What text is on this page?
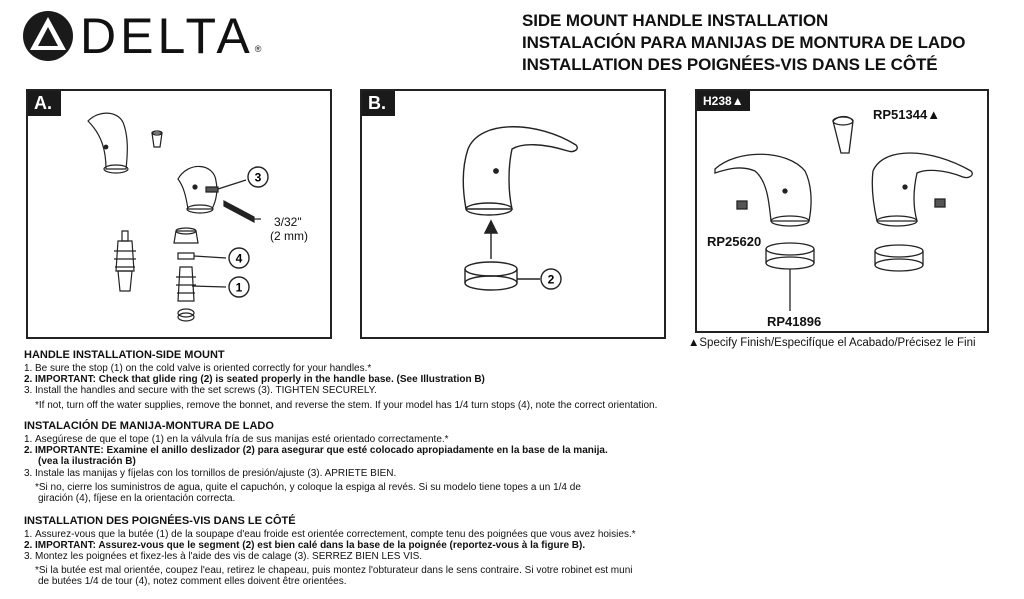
DELTA ®
SIDE MOUNT HANDLE INSTALLATION
INSTALACIÓN PARA MANIJAS DE MONTURA DE LADO
INSTALLATION DES POIGNÉES-VIS DANS LE CÔTÉ
A.
3
4
1
3/32"
(2 mm)
B.
2
H238▲
RP51344▲
RP25620
RP41896
▲Specify Finish/Especifíque el Acabado/Précisez le Fini
HANDLE INSTALLATION-SIDE MOUNT
1. Be sure the stop (1) on the cold valve is oriented correctly for your handles.*
2. IMPORTANT: Check that glide ring (2) is seated properly in the handle base. (See Illustration B)
3. Install the handles and secure with the set screws (3). TIGHTEN SECURELY.
*If not, turn off the water supplies, remove the bonnet, and reverse the stem. If your model has 1/4 turn stops (4), note the correct orientation.
INSTALACIÓN DE MANIJA-MONTURA DE LADO
1. Asegúrese de que el tope (1) en la válvula fría de sus manijas esté orientado correctamente.*
2. IMPORTANTE: Examine el anillo deslizador (2) para asegurar que esté colocado apropiadamente en la base de la manija.
(vea la ilustración B)
3. Instale las manijas y fíjelas con los tornillos de presión/ajuste (3). APRIETE BIEN.
*Si no, cierre los suministros de agua, quite el capuchón, y coloque la espiga al revés. Si su modelo tiene topes a un 1/4 de
giración (4), fíjese en la orientación correcta.
INSTALLATION DES POIGNÉES-VIS DANS LE CÔTÉ
1. Assurez-vous que la butée (1) de la soupape d'eau froide est orientée correctement, compte tenu des poignées que vous avez hoisies.*
2. IMPORTANT: Assurez-vous que le segment (2) est bien calé dans la base de la poignée (reportez-vous à la figure B).
3. Montez les poignées et fixez-les à l'aide des vis de calage (3). SERREZ BIEN LES VIS.
*Si la butée est mal orientée, coupez l'eau, retirez le chapeau, puis montez l'obturateur dans le sens contraire. Si votre robinet est muni
de butées 1/4 de tour (4), notez comment elles doivent être orientées.
